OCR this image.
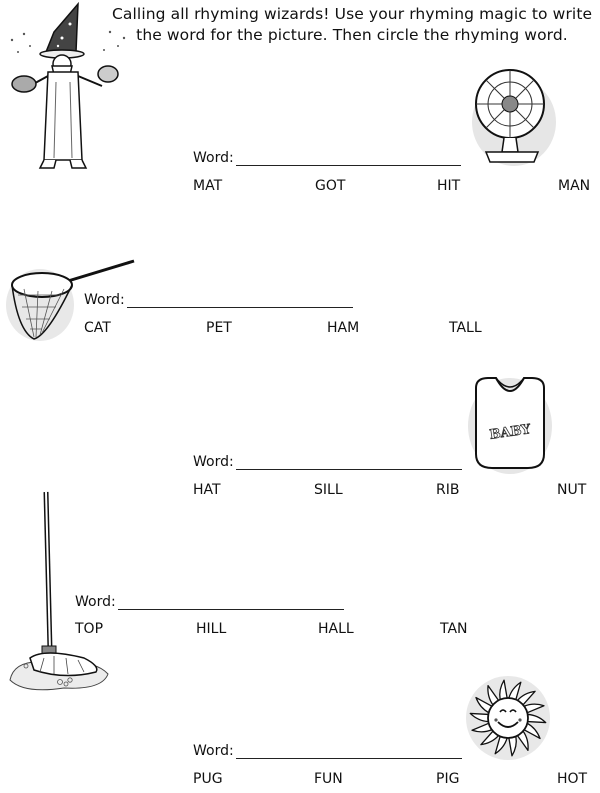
Calling all rhyming wizards! Use your rhyming magic to write
the word for the picture. Then circle the rhyming word.
Word:
MAT	GOT	HIT	MAN
Word:
CAT	PET	HAM	TALL
BABY
Word:
HAT	SILL	RIB	NUT
Word:
TOP	HILL	HALL	TAN
Word:
PUG	FUN	PIG	HOT
